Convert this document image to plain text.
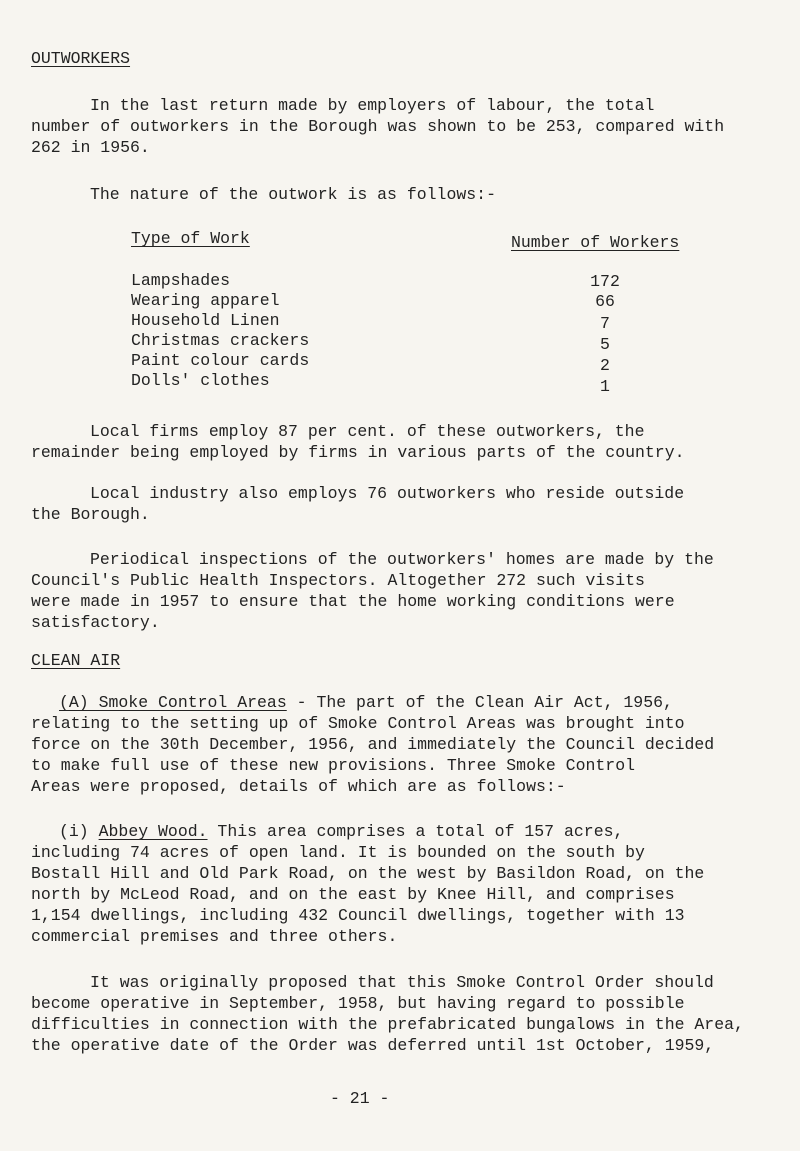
OUTWORKERS
In the last return made by employers of labour, the total
number of outworkers in the Borough was shown to be 253, compared with
262 in 1956.
The nature of the outwork is as follows:-
Type of Work	Number of Workers
Lampshades	172
Wearing apparel	66
Household Linen	7
Christmas crackers	5
Paint colour cards	2
Dolls' clothes	1
Local firms employ 87 per cent. of these outworkers, the
remainder being employed by firms in various parts of the country.
Local industry also employs 76 outworkers who reside outside
the Borough.
Periodical inspections of the outworkers' homes are made by the
Council's Public Health Inspectors. Altogether 272 such visits
were made in 1957 to ensure that the home working conditions were
satisfactory.
CLEAN AIR
(A) Smoke Control Areas - The part of the Clean Air Act, 1956,
relating to the setting up of Smoke Control Areas was brought into
force on the 30th December, 1956, and immediately the Council decided
to make full use of these new provisions. Three Smoke Control
Areas were proposed, details of which are as follows:-
(i) Abbey Wood. This area comprises a total of 157 acres,
including 74 acres of open land. It is bounded on the south by
Bostall Hill and Old Park Road, on the west by Basildon Road, on the
north by McLeod Road, and on the east by Knee Hill, and comprises
1,154 dwellings, including 432 Council dwellings, together with 13
commercial premises and three others.
It was originally proposed that this Smoke Control Order should
become operative in September, 1958, but having regard to possible
difficulties in connection with the prefabricated bungalows in the Area,
the operative date of the Order was deferred until 1st October, 1959,
- 21 -
